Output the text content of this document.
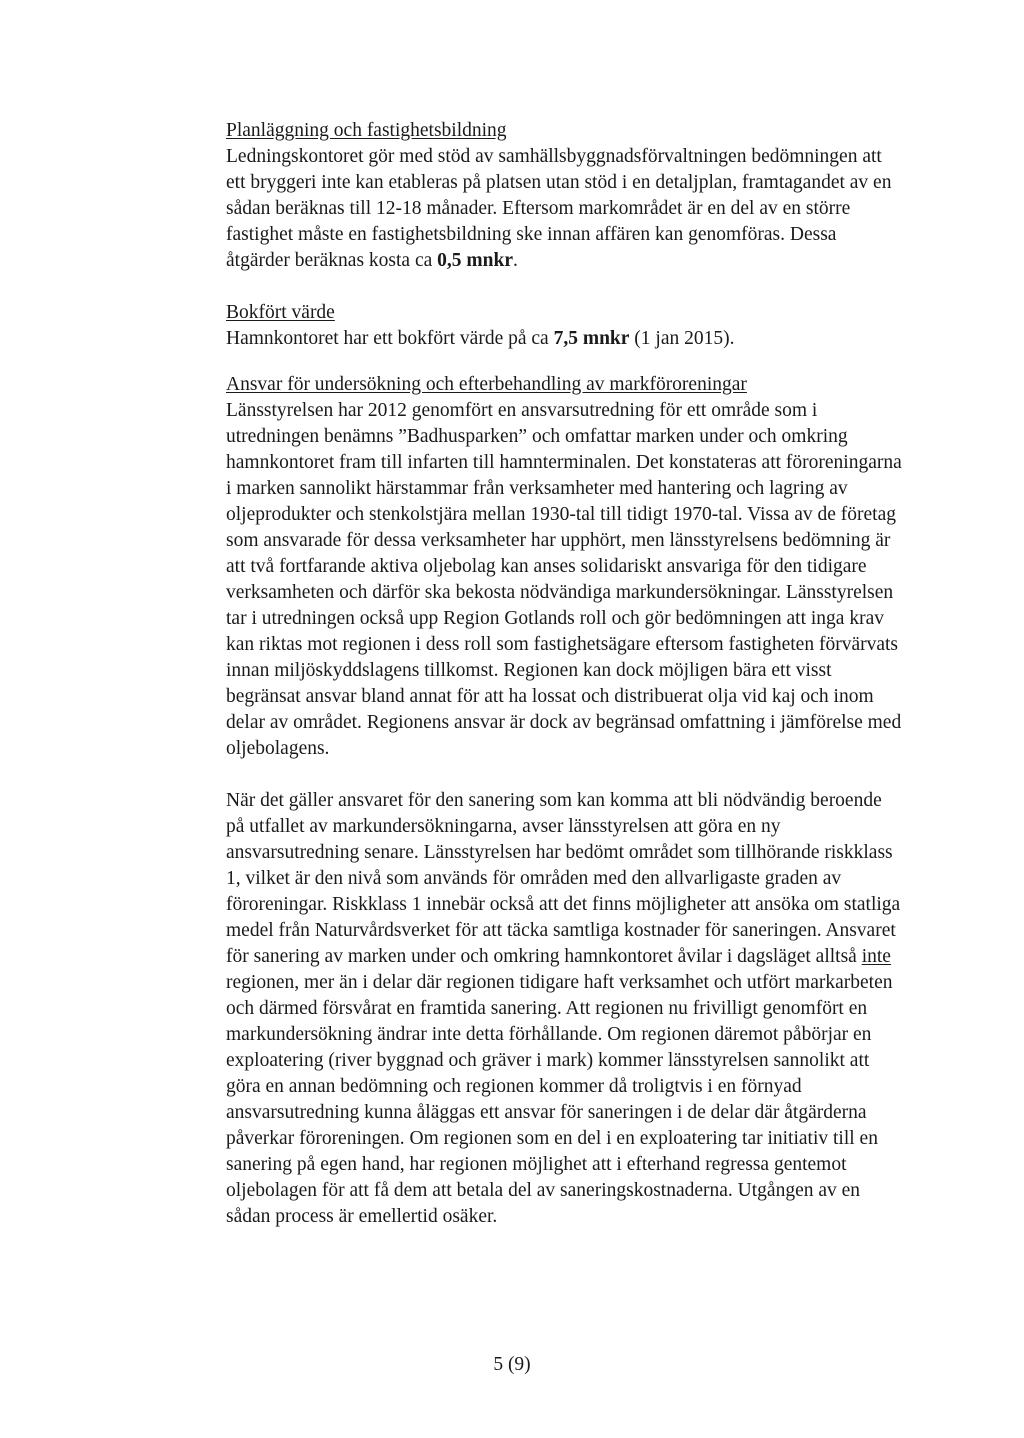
Planläggning och fastighetsbildning

Ledningskontoret gör med stöd av samhällsbyggnadsförvaltningen bedömningen att ett bryggeri inte kan etableras på platsen utan stöd i en detaljplan, framtagandet av en sådan beräknas till 12-18 månader. Eftersom markområdet är en del av en större fastighet måste en fastighetsbildning ske innan affären kan genomföras. Dessa åtgärder beräknas kosta ca 0,5 mnkr.

Bokfört värde

Hamnkontoret har ett bokfört värde på ca 7,5 mnkr (1 jan 2015).

Ansvar för undersökning och efterbehandling av markföroreningar

Länsstyrelsen har 2012 genomfört en ansvarsutredning för ett område som i utredningen benämns ”Badhusparken” och omfattar marken under och omkring hamnkontoret fram till infarten till hamnterminalen. Det konstateras att föroreningarna i marken sannolikt härstammar från verksamheter med hantering och lagring av oljeprodukter och stenkolstjära mellan 1930-tal till tidigt 1970-tal. Vissa av de företag som ansvarade för dessa verksamheter har upphört, men länsstyrelsens bedömning är att två fortfarande aktiva oljebolag kan anses solidariskt ansvariga för den tidigare verksamheten och därför ska bekosta nödvändiga markundersökningar. Länsstyrelsen tar i utredningen också upp Region Gotlands roll och gör bedömningen att inga krav kan riktas mot regionen i dess roll som fastighetsägare eftersom fastigheten förvärvats innan miljöskyddslagens tillkomst. Regionen kan dock möjligen bära ett visst begränsat ansvar bland annat för att ha lossat och distribuerat olja vid kaj och inom delar av området. Regionens ansvar är dock av begränsad omfattning i jämförelse med oljebolagens.

När det gäller ansvaret för den sanering som kan komma att bli nödvändig beroende på utfallet av markundersökningarna, avser länsstyrelsen att göra en ny ansvarsutredning senare. Länsstyrelsen har bedömt området som tillhörande riskklass 1, vilket är den nivå som används för områden med den allvarligaste graden av föroreningar. Riskklass 1 innebär också att det finns möjligheter att ansöka om statliga medel från Naturvårdsverket för att täcka samtliga kostnader för saneringen. Ansvaret för sanering av marken under och omkring hamnkontoret åvilar i dagsläget alltså inte regionen, mer än i delar där regionen tidigare haft verksamhet och utfört markarbeten och därmed försvårat en framtida sanering. Att regionen nu frivilligt genomfört en markundersökning ändrar inte detta förhållande. Om regionen däremot påbörjar en exploatering (river byggnad och gräver i mark) kommer länsstyrelsen sannolikt att göra en annan bedömning och regionen kommer då troligtvis i en förnyad ansvarsutredning kunna åläggas ett ansvar för saneringen i de delar där åtgärderna påverkar föroreningen. Om regionen som en del i en exploatering tar initiativ till en sanering på egen hand, har regionen möjlighet att i efterhand regressa gentemot oljebolagen för att få dem att betala del av saneringskostnaderna. Utgången av en sådan process är emellertid osäker.

5 (9)
